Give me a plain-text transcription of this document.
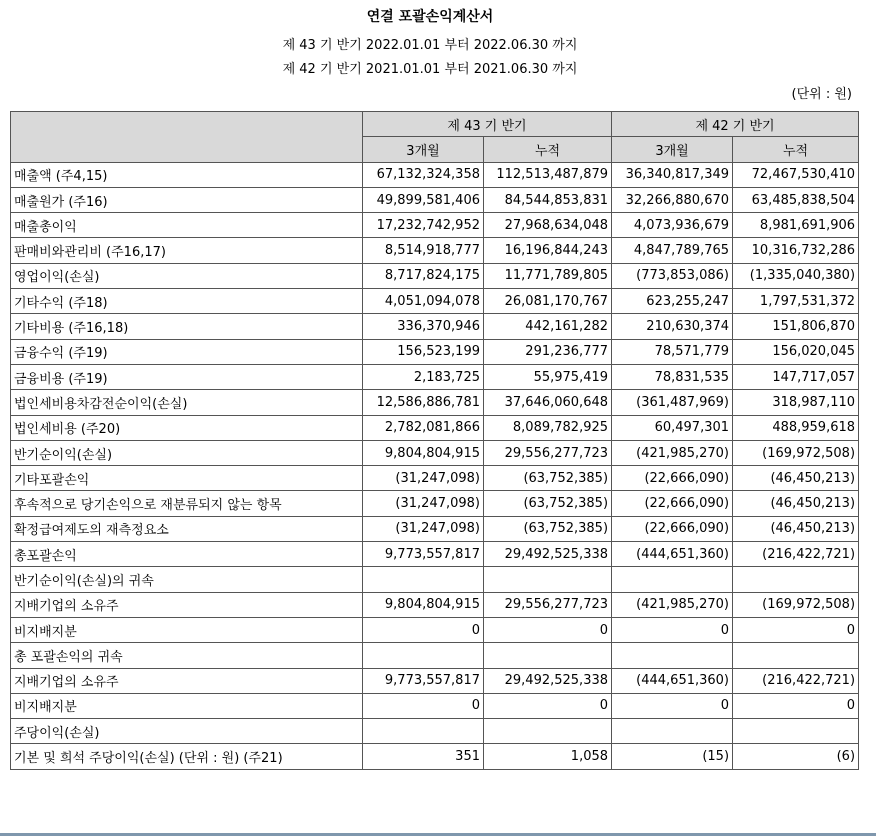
연결 포괄손익계산서
제 43 기 반기 2022.01.01 부터 2022.06.30 까지
제 42 기 반기 2021.01.01 부터 2021.06.30 까지
(단위 : 원)
	제 43 기 반기		제 42 기 반기	
	3개월	누적	3개월	누적
매출액 (주4,15)	67,132,324,358	112,513,487,879	36,340,817,349	72,467,530,410
매출원가 (주16)	49,899,581,406	84,544,853,831	32,266,880,670	63,485,838,504
매출총이익	17,232,742,952	27,968,634,048	4,073,936,679	8,981,691,906
판매비와관리비 (주16,17)	8,514,918,777	16,196,844,243	4,847,789,765	10,316,732,286
영업이익(손실)	8,717,824,175	11,771,789,805	(773,853,086)	(1,335,040,380)
기타수익 (주18)	4,051,094,078	26,081,170,767	623,255,247	1,797,531,372
기타비용 (주16,18)	336,370,946	442,161,282	210,630,374	151,806,870
금융수익 (주19)	156,523,199	291,236,777	78,571,779	156,020,045
금융비용 (주19)	2,183,725	55,975,419	78,831,535	147,717,057
법인세비용차감전순이익(손실)	12,586,886,781	37,646,060,648	(361,487,969)	318,987,110
법인세비용 (주20)	2,782,081,866	8,089,782,925	60,497,301	488,959,618
반기순이익(손실)	9,804,804,915	29,556,277,723	(421,985,270)	(169,972,508)
기타포괄손익	(31,247,098)	(63,752,385)	(22,666,090)	(46,450,213)
후속적으로 당기손익으로 재분류되지 않는 항목	(31,247,098)	(63,752,385)	(22,666,090)	(46,450,213)
확정급여제도의 재측정요소	(31,247,098)	(63,752,385)	(22,666,090)	(46,450,213)
총포괄손익	9,773,557,817	29,492,525,338	(444,651,360)	(216,422,721)
반기순이익(손실)의 귀속				
지배기업의 소유주	9,804,804,915	29,556,277,723	(421,985,270)	(169,972,508)
비지배지분	0	0	0	0
총 포괄손익의 귀속				
지배기업의 소유주	9,773,557,817	29,492,525,338	(444,651,360)	(216,422,721)
비지배지분	0	0	0	0
주당이익(손실)				
기본 및 희석 주당이익(손실) (단위 : 원) (주21)	351	1,058	(15)	(6)
